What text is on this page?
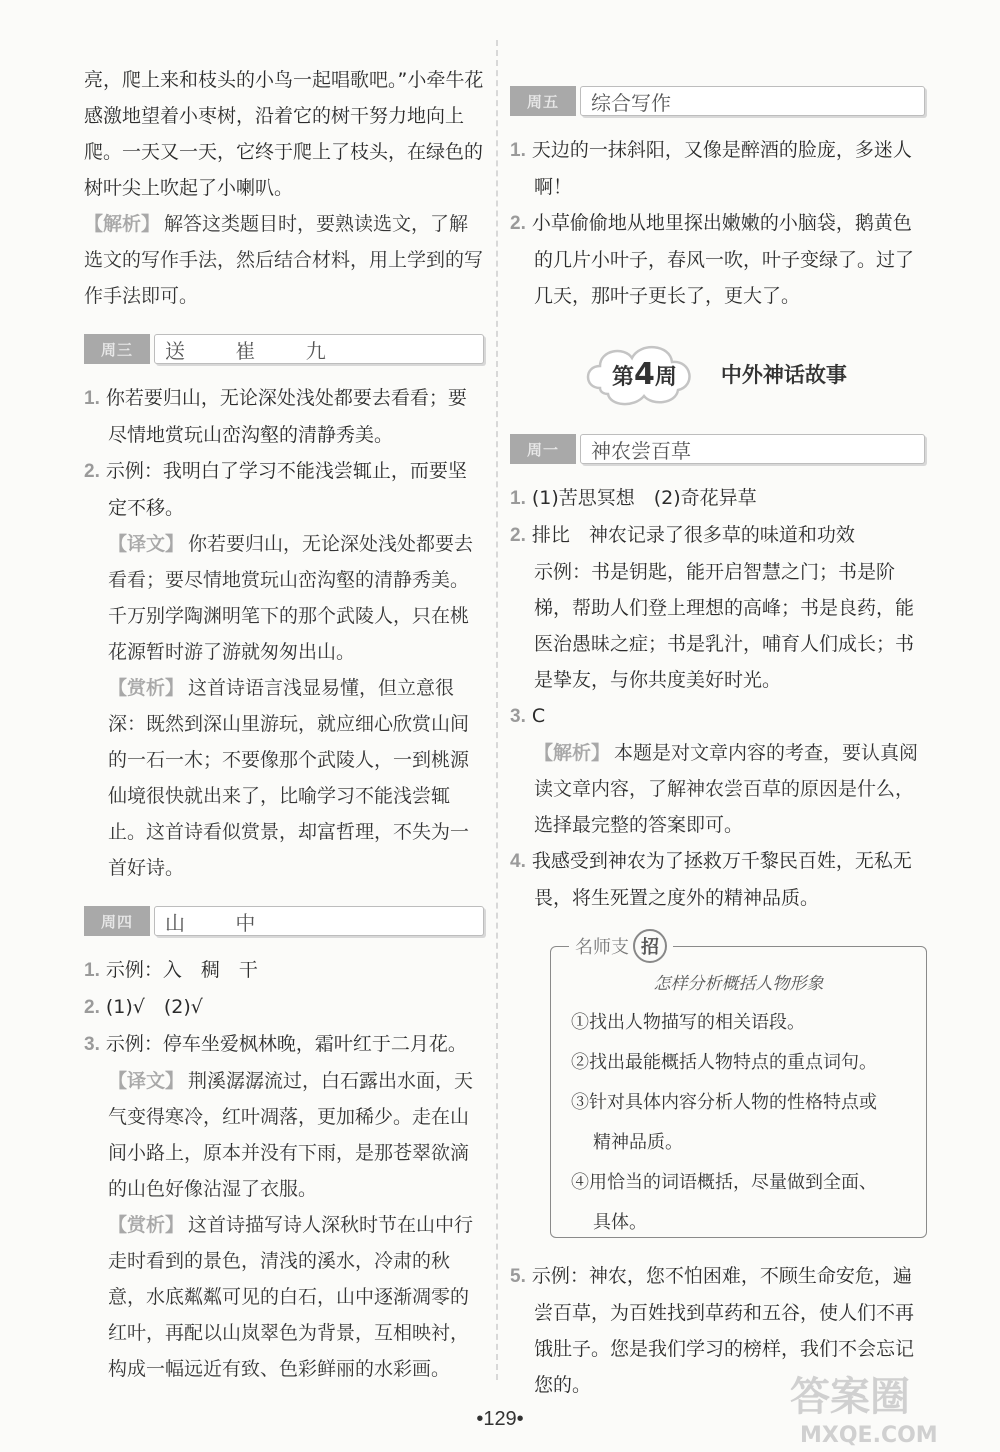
亮，爬上来和枝头的小鸟一起唱歌吧。”小牵牛花感激地望着小枣树，沿着它的树干努力地向上爬。一天又一天，它终于爬上了枝头，在绿色的树叶尖上吹起了小喇叭。

【解析】 解答这类题目时，要熟读选文，了解选文的写作手法，然后结合材料，用上学到的写作手法即可。

周三	送 崔 九

1. 你若要归山，无论深处浅处都要去看看；要尽情地赏玩山峦沟壑的清静秀美。

2. 示例：我明白了学习不能浅尝辄止，而要坚定不移。

【译文】 你若要归山，无论深处浅处都要去看看；要尽情地赏玩山峦沟壑的清静秀美。千万别学陶渊明笔下的那个武陵人，只在桃花源暂时游了游就匆匆出山。

【赏析】 这首诗语言浅显易懂，但立意很深：既然到深山里游玩，就应细心欣赏山间的一石一木；不要像那个武陵人，一到桃源仙境很快就出来了，比喻学习不能浅尝辄止。这首诗看似赏景，却富哲理，不失为一首好诗。

周四	山 中

1. 示例：入　稠　干

2. (1)√　(2)√

3. 示例：停车坐爱枫林晚，霜叶红于二月花。

【译文】 荆溪潺潺流过，白石露出水面，天气变得寒冷，红叶凋落，更加稀少。走在山间小路上，原本并没有下雨，是那苍翠欲滴的山色好像沾湿了衣服。

【赏析】 这首诗描写诗人深秋时节在山中行走时看到的景色，清浅的溪水，冷肃的秋意，水底粼粼可见的白石，山中逐渐凋零的红叶，再配以山岚翠色为背景，互相映衬，构成一幅远近有致、色彩鲜丽的水彩画。

周五	综合写作

1. 天边的一抹斜阳，又像是醉酒的脸庞，多迷人啊！

2. 小草偷偷地从地里探出嫩嫩的小脑袋，鹅黄色的几片小叶子，春风一吹，叶子变绿了。过了几天，那叶子更长了，更大了。

第4周 中外神话故事
周一	神农尝百草

1. (1)苦思冥想　(2)奇花异草

2. 排比　神农记录了很多草的味道和功效

示例：书是钥匙，能开启智慧之门；书是阶梯，帮助人们登上理想的高峰；书是良药，能医治愚昧之症；书是乳汁，哺育人们成长；书是挚友，与你共度美好时光。

3. C

【解析】 本题是对文章内容的考查，要认真阅读文章内容，了解神农尝百草的原因是什么，选择最完整的答案即可。

4. 我感受到神农为了拯救万千黎民百姓，无私无畏，将生死置之度外的精神品质。

名师支 招
怎样分析概括人物形象

①找出人物描写的相关语段。

②找出最能概括人物特点的重点词句。

③针对具体内容分析人物的性格特点或

精神品质。

④用恰当的词语概括，尽量做到全面、

具体。

5. 示例：神农，您不怕困难，不顾生命安危，遍尝百草，为百姓找到草药和五谷，使人们不再饿肚子。您是我们学习的榜样，我们不会忘记您的。

•129•	答案圈
MXQE.COM
